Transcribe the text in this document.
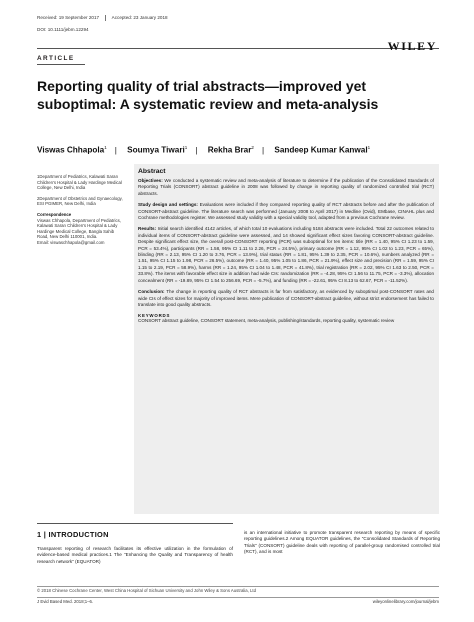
Received: 19 September 2017	Accepted: 23 January 2018
DOI: 10.1111/jebm.12294
WILEY
ARTICLE
Reporting quality of trial abstracts—improved yet suboptimal: A systematic review and meta-analysis
Viswas Chhapola$^1$ | Soumya Tiwari$^1$ | Rekha Brar$^2$ | Sandeep Kumar Kanwal$^1$

1Department of Pediatrics, Kalawati Saran Children's Hospital & Lady Hardinge Medical College, New Delhi, India

2Department of Obstetrics and Gynaecology, ESI PGIMER, New Delhi, India

Correspondence

Viswas Chhapola, Department of Pediatrics, Kalawati Saran Children's Hospital & Lady Hardinge Medical College, Bangla Sahib Road, New Delhi 110001, India.

Email: viswaschhapola@gmail.com

Abstract

Objectives: We conducted a systematic review and meta-analysis of literature to determine if the publication of the Consolidated Standards of Reporting Trials (CONSORT) abstract guideline in 2008 was followed by change in reporting quality of randomized controlled trial (RCT) abstracts.

Study design and settings: Evaluations were included if they compared reporting quality of RCT abstracts before and after the publication of CONSORT-abstract guideline. The literature search was performed (January 2008 to April 2017) in Medline (Ovid), EMbase, CINAHL plus and Cochrane methodologies register. We assessed study validity with a special validity tool, adapted from a previous Cochrane review.

Results: Initial search identified 4142 articles, of which total 10 evaluations including 5184 abstracts were included. Total 22 outcomes related to individual items of CONSORT-abstract guideline were assessed, and 14 showed significant effect sizes favoring CONSORT-abstract guideline. Despite significant effect size, the overall post-CONSORT reporting (PCR) was suboptimal for ten items: title (RR = 1.40, 95% CI 1.23 to 1.59, PCR = 53.4%), participants (RR = 1.58, 95% CI 1.11 to 2.26, PCR = 24.5%), primary outcome (RR = 1.12, 95% CI 1.02 to 1.23, PCR = 65%), blinding (RR = 2.13, 95% CI 1.20 to 3.76, PCR = 13.9%), trial status (RR = 1.81, 95% 1.39 to 2.35, PCR = 10.6%), numbers analyzed (RR = 1.51, 95% CI 1.15 to 1.98, PCR = 26.5%), outcome (RR = 1.40, 95% 1.05 to 1.86, PCR = 21.9%), effect size and precision (RR = 1.59, 95% CI 1.15 to 2.19, PCR = 58.9%), harms (RR = 1.24, 95% CI 1.04 to 1.48, PCR = 41.8%), trial registration (RR = 2.02, 95% CI 1.63 to 2.50, PCR = 33.8%). The items with favorable effect size in addition had wide CIs: randomization (RR = -4.28, 95% CI 1.56 to 11.75, PCR = -3.3%), allocation concealment (RR = -19.89, 95% CI 1.54 to 256.69, PCR = -5.7%), and funding (RR = -22.61, 95% CI 8.13 to 62.67, PCR = -11.52%).

Conclusion: The change in reporting quality of RCT abstracts is far from satisfactory, as evidenced by suboptimal post-CONSORT rates and wide CIs of effect sizes for majority of improved items. Mere publication of CONSORT-abstract guideline, without strict endorsement has failed to translate into good quality abstracts.

KEYWORDS

CONSORT abstract guideline, CONSORT statement, meta-analysis, publishing/standards, reporting quality, systematic review

1 | INTRODUCTION
Transparent reporting of research facilitates its effective utilization in the formulation of evidence-based medical practices.1 The "Enhancing the Quality and Transparency of health research network" (EQUATOR)
is an international initiative to promote transparent research reporting by means of specific reporting guidelines.2 Among EQUATOR guidelines, the "Consolidated Standards of Reporting Trials" (CONSORT) guideline deals with reporting of parallel-group randomised controlled trial (RCT), and is most
© 2018 Chinese Cochrane Center, West China Hospital of Sichuan University and John Wiley & Sons Australia, Ltd
J Evid Based Med. 2018;1–6.	wileyonlinelibrary.com/journal/jebm
